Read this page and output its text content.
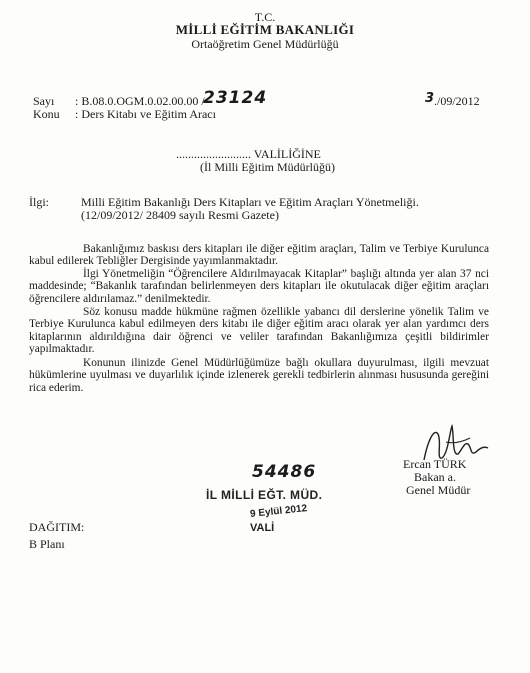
T.C.
MİLLİ EĞİTİM BAKANLIĞI
Ortaöğretim Genel Müdürlüğü
Sayı : B.08.0.OGM.0.02.00.00 /
23124	3 ./09/2012
Konu : Ders Kitabı ve Eğitim Aracı
......................... VALİLİĞİNE
(İl Milli Eğitim Müdürlüğü)
İlgi:	Milli Eğitim Bakanlığı Ders Kitapları ve Eğitim Araçları Yönetmeliği.
(12/09/2012/ 28409 sayılı Resmi Gazete)
Bakanlığımız baskısı ders kitapları ile diğer eğitim araçları, Talim ve Terbiye Kurulunca kabul edilerek Tebliğler Dergisinde yayımlanmaktadır.
İlgi Yönetmeliğin “Öğrencilere Aldırılmayacak Kitaplar” başlığı altında yer alan 37 nci maddesinde; “Bakanlık tarafından belirlenmeyen ders kitapları ile okutulacak diğer eğitim araçları öğrencilere aldırılamaz.” denilmektedir.
Söz konusu madde hükmüne rağmen özellikle yabancı dil derslerine yönelik Talim ve Terbiye Kurulunca kabul edilmeyen ders kitabı ile diğer eğitim aracı olarak yer alan yardımcı ders kitaplarının aldırıldığına dair öğrenci ve veliler tarafından Bakanlığımıza çeşitli bildirimler yapılmaktadır.
Konunun ilinizde Genel Müdürlüğümüze bağlı okullara duyurulması, ilgili mevzuat hükümlerine uyulması ve duyarlılık içinde izlenerek gerekli tedbirlerin alınması hususunda gereğini rica ederim.
Ercan TÜRK
Bakan a.
Genel Müdür
54486
İL MİLLİ EĞT. MÜD.
9 Eylül 2012
VALİ
DAĞITIM:
B Planı
